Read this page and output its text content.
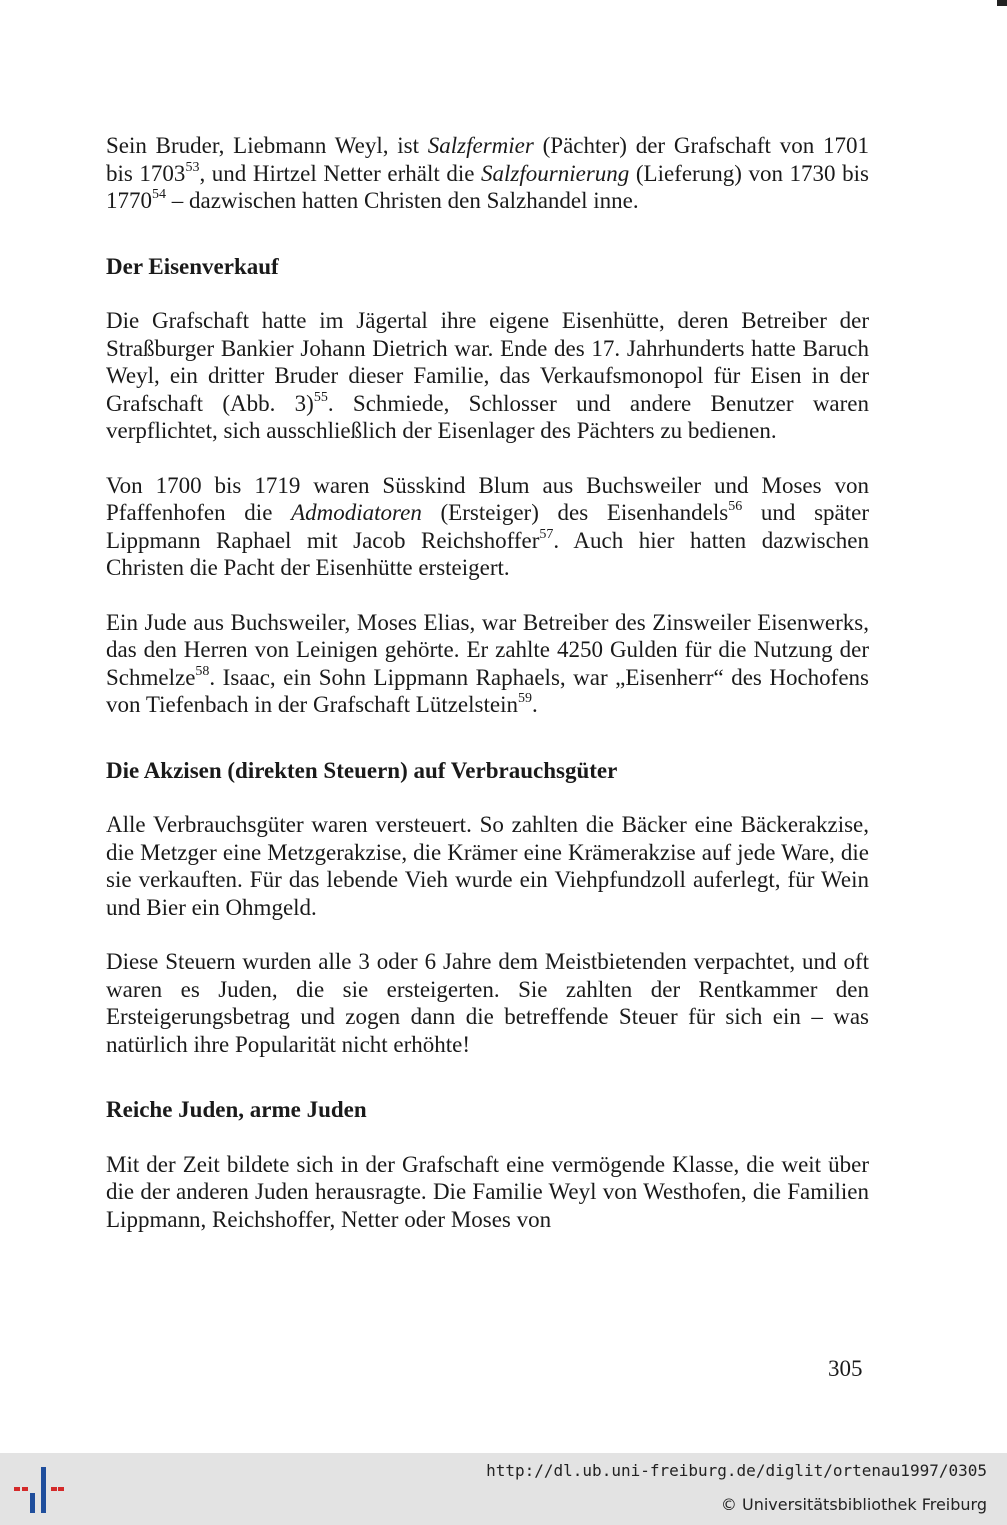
Sein Bruder, Liebmann Weyl, ist Salzfermier (Pächter) der Grafschaft von 1701 bis 1703$^{53}$, und Hirtzel Netter erhält die Salzfournierung (Lieferung) von 1730 bis 1770$^{54}$ – dazwischen hatten Christen den Salzhandel inne.

Der Eisenverkauf

Die Grafschaft hatte im Jägertal ihre eigene Eisenhütte, deren Betreiber der Straßburger Bankier Johann Dietrich war. Ende des 17. Jahrhunderts hatte Baruch Weyl, ein dritter Bruder dieser Familie, das Verkaufsmonopol für Eisen in der Grafschaft (Abb. 3)$^{55}$. Schmiede, Schlosser und andere Benutzer waren verpflichtet, sich ausschließlich der Eisenlager des Pächters zu bedienen.

Von 1700 bis 1719 waren Süsskind Blum aus Buchsweiler und Moses von Pfaffenhofen die Admodiatoren (Ersteiger) des Eisenhandels$^{56}$ und später Lippmann Raphael mit Jacob Reichshoffer$^{57}$. Auch hier hatten dazwischen Christen die Pacht der Eisenhütte ersteigert.

Ein Jude aus Buchsweiler, Moses Elias, war Betreiber des Zinsweiler Eisenwerks, das den Herren von Leinigen gehörte. Er zahlte 4250 Gulden für die Nutzung der Schmelze$^{58}$. Isaac, ein Sohn Lippmann Raphaels, war „Eisenherr“ des Hochofens von Tiefenbach in der Grafschaft Lützelstein$^{59}$.

Die Akzisen (direkten Steuern) auf Verbrauchsgüter

Alle Verbrauchsgüter waren versteuert. So zahlten die Bäcker eine Bäckerakzise, die Metzger eine Metzgerakzise, die Krämer eine Krämerakzise auf jede Ware, die sie verkauften. Für das lebende Vieh wurde ein Viehpfundzoll auferlegt, für Wein und Bier ein Ohmgeld.

Diese Steuern wurden alle 3 oder 6 Jahre dem Meistbietenden verpachtet, und oft waren es Juden, die sie ersteigerten. Sie zahlten der Rentkammer den Ersteigerungsbetrag und zogen dann die betreffende Steuer für sich ein – was natürlich ihre Popularität nicht erhöhte!

Reiche Juden, arme Juden

Mit der Zeit bildete sich in der Grafschaft eine vermögende Klasse, die weit über die der anderen Juden herausragte. Die Familie Weyl von Westhofen, die Familien Lippmann, Reichshoffer, Netter oder Moses von

305
http://dl.ub.uni-freiburg.de/diglit/ortenau1997/0305
© Universitätsbibliothek Freiburg
